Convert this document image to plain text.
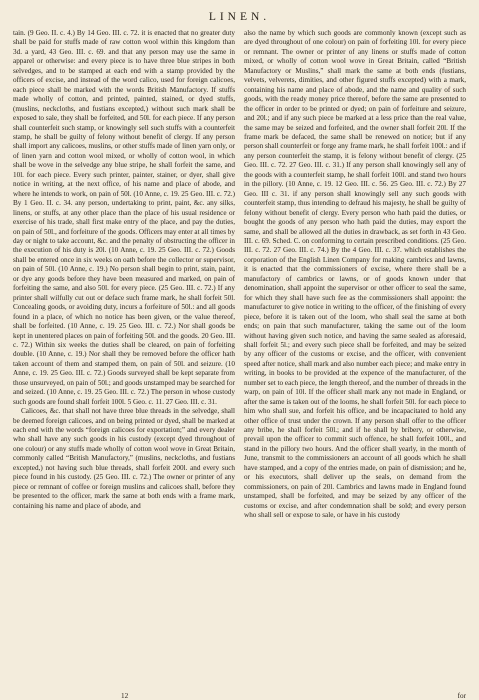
LINEN.

tain. (9 Geo. II. c. 4.) By 14 Geo. III. c. 72. it is enacted that no greater duty shall be paid for stuffs made of raw cotton wool within this kingdom than 3d. a yard, 43 Geo. III. c. 69. and that any person may use the same in apparel or otherwise: and every piece is to have three blue stripes in both selvedges, and to be stamped at each end with a stamp provided by the officers of excise, and instead of the word calico, used for foreign calicoes, each piece shall be marked with the words British Manufactory. If stuffs made wholly of cotton, and printed, painted, stained, or dyed stuffs, (muslins, neckcloths, and fustians excepted,) without such mark shall be exposed to sale, they shall be forfeited, and 50l. for each piece. If any person shall counterfeit such stamp, or knowingly sell such stuffs with a counterfeit stamp, he shall be guilty of felony without benefit of clergy. If any person shall import any calicoes, muslins, or other stuffs made of linen yarn only, or of linen yarn and cotton wool mixed, or wholly of cotton wool, in which shall be wove in the selvedge any blue stripe, he shall forfeit the same, and 10l. for each piece. Every such printer, painter, stainer, or dyer, shall give notice in writing, at the next office, of his name and place of abode, and where he intends to work, on pain of 50l. (10 Anne, c. 19. 25 Geo. III. c. 72.) By 1 Geo. II. c. 34. any person, undertaking to print, paint, &c. any silks, linens, or stuffs, at any other place than the place of his usual residence or exercise of his trade, shall first make entry of the place, and pay the duties, on pain of 50l., and forfeiture of the goods. Officers may enter at all times by day or night to take account, &c. and the penalty of obstructing the officer in the execution of his duty is 20l. (10 Anne, c. 19. 25 Geo. III. c. 72.) Goods shall be entered once in six weeks on oath before the collector or supervisor, on pain of 50l. (10 Anne, c. 19.) No person shall begin to print, stain, paint, or dye any goods before they have been measured and marked, on pain of forfeiting the same, and also 50l. for every piece. (25 Geo. III. c. 72.) If any printer shall wilfully cut out or deface such frame mark, he shall forfeit 50l. Concealing goods, or avoiding duty, incurs a forfeiture of 50l.: and all goods found in a place, of which no notice has been given, or the value thereof, shall be forfeited. (10 Anne, c. 19. 25 Geo. III. c. 72.) Nor shall goods be kept in unentered places on pain of forfeiting 50l. and the goods. 20 Geo. III. c. 72.) Within six weeks the duties shall be cleared, on pain of forfeiting double. (10 Anne, c. 19.) Nor shall they be removed before the officer hath taken account of them and stamped them, on pain of 50l. and seizure. (10 Anne, c. 19. 25 Geo. III. c. 72.) Goods surveyed shall be kept separate from those unsurveyed, on pain of 50l.; and goods unstamped may be searched for and seized. (10 Anne, c. 19. 25 Geo. III. c. 72.) The person in whose custody such goods are found shall forfeit 100l. 5 Geo. c. 11. 27 Geo. III. c. 31.

Calicoes, &c. that shall not have three blue threads in the selvedge, shall be deemed foreign calicoes, and on being printed or dyed, shall be marked at each end with the words “foreign calicoes for exportation;” and every dealer who shall have any such goods in his custody (except dyed throughout of one colour) or any stuffs made wholly of cotton wool wove in Great Britain, commonly called “British Manufactory,” (muslins, neckcloths, and fustians excepted,) not having such blue threads, shall forfeit 200l. and every such piece found in his custody. (25 Geo. III. c. 72.) The owner or printer of any piece or remnant of coffee or foreign muslins and calicoes shall, before they be presented to the officer, mark the same at both ends with a frame mark, containing his name and place of abode, and

also the name by which such goods are commonly known (except such as are dyed throughout of one colour) on pain of forfeiting 10l. for every piece or remnant. The owner or printer of any linens or stuffs made of cotton mixed, or wholly of cotton wool wove in Great Britain, called “British Manufactory or Muslins,” shall mark the same at both ends (fustians, velvets, velverets, dimities, and other figured stuffs excepted) with a mark, containing his name and place of abode, and the name and quality of such goods, with the ready money price thereof, before the same are presented to the officer in order to be printed or dyed; on pain of forfeiture and seizure, and 20l.; and if any such piece be marked at a less price than the real value, the same may be seized and forfeited, and the owner shall forfeit 20l. If the frame mark be defaced, the same shall be renewed on notice; but if any person shall counterfeit or forge any frame mark, he shall forfeit 100l.: and if any person counterfeit the stamp, it is felony without benefit of clergy. (25 Geo. III. c. 72. 27 Geo. III. c. 31.) If any person shall knowingly sell any of the goods with a counterfeit stamp, he shall forfeit 100l. and stand two hours in the pillory. (10 Anne, c. 19. 12 Geo. III. c. 56. 25 Geo. III. c. 72.) By 27 Geo. III c. 31. if any person shall knowingly sell any such goods with counterfeit stamp, thus intending to defraud his majesty, he shall be guilty of felony without benefit of clergy. Every person who hath paid the duties, or bought the goods of any person who hath paid the duties, may export the same, and shall be allowed all the duties in drawback, as set forth in 43 Geo. III. c. 69. Sched. C. on conforming to certain prescribed conditions. (25 Geo. III. c. 72. 27 Geo. III. c. 74.) By the 4 Geo. III. c. 37. which establishes the corporation of the English Linen Company for making cambrics and lawns, it is enacted that the commissioners of excise, where there shall be a manufactory of cambrics or lawns, or of goods known under that denomination, shall appoint the supervisor or other officer to seal the same, for which they shall have such fee as the commissioners shall appoint: the manufacturer to give notice in writing to the officer, of the finishing of every piece, before it is taken out of the loom, who shall seal the same at both ends; on pain that such manufacturer, taking the same out of the loom without having given such notice, and having the same sealed as aforesaid, shall forfeit 5l.; and every such piece shall be forfeited, and may be seized by any officer of the customs or excise, and the officer, with convenient speed after notice, shall mark and also number each piece; and make entry in writing, in books to be provided at the expence of the manufacturer, of the number set to each piece, the length thereof, and the number of threads in the warp, on pain of 10l. If the officer shall mark any not made in England, or after the same is taken out of the looms, he shall forfeit 50l. for each piece to him who shall sue, and forfeit his office, and be incapacitated to hold any other office of trust under the crown. If any person shall offer to the officer any bribe, he shall forfeit 50l.; and if he shall by bribery, or otherwise, prevail upon the officer to commit such offence, he shall forfeit 100l., and stand in the pillory two hours. And the officer shall yearly, in the month of June, transmit to the commissioners an account of all goods which he shall have stamped, and a copy of the entries made, on pain of dismission; and he, or his executors, shall deliver up the seals, on demand from the commissioners, on pain of 20l. Cambrics and lawns made in England found unstamped, shall be forfeited, and may be seized by any officer of the customs or excise, and after condemnation shall be sold; and every person who shall sell or expose to sale, or have in his custody

12	for
